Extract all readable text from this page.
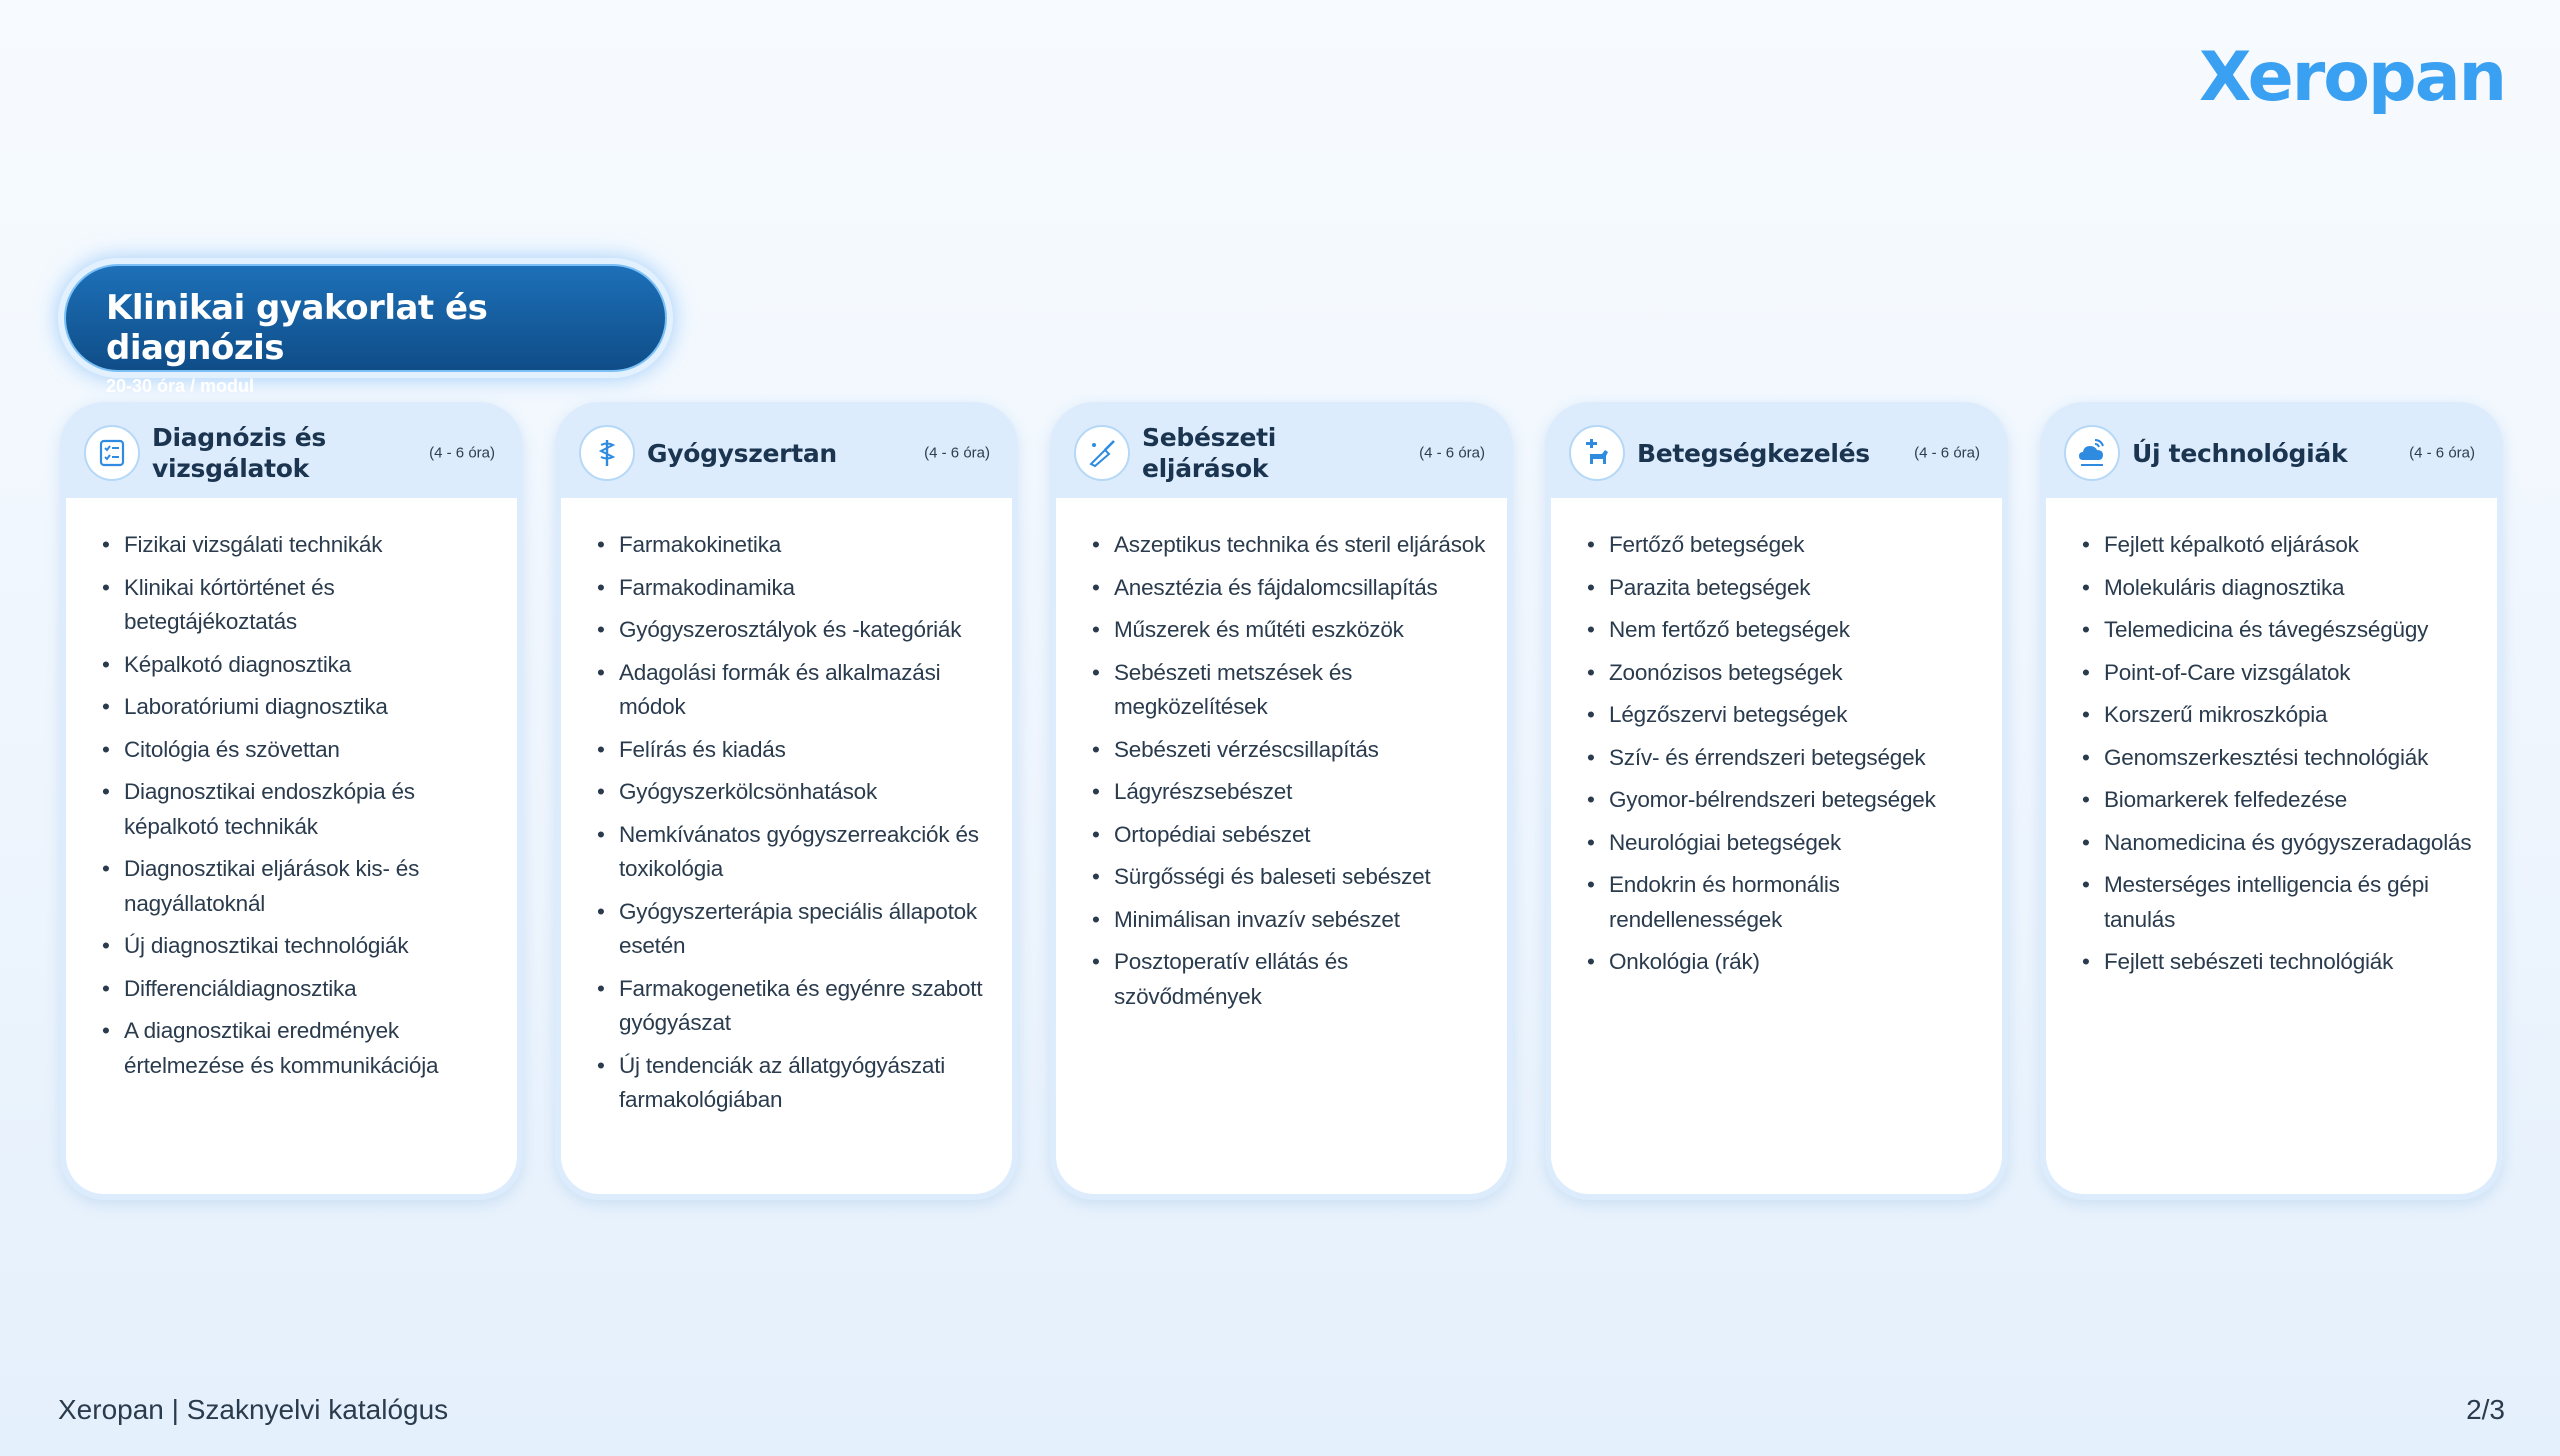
Xeropan
Klinikai gyakorlat és diagnózis
20-30 óra / modul
Diagnózis és vizsgálatok
(4 - 6 óra)
• Fizikai vizsgálati technikák
• Klinikai kórtörténet és betegtájékoztatás
• Képalkotó diagnosztika
• Laboratóriumi diagnosztika
• Citológia és szövettan
• Diagnosztikai endoszkópia és képalkotó technikák
• Diagnosztikai eljárások kis- és nagyállatoknál
• Új diagnosztikai technológiák
• Differenciáldiagnosztika
• A diagnosztikai eredmények értelmezése és kommunikációja
Gyógyszertan	(4 - 6 óra)
• Farmakokinetika
• Farmakodinamika
• Gyógyszerosztályok és -kategóriák
• Adagolási formák és alkalmazási módok
• Felírás és kiadás
• Gyógyszerkölcsönhatások
• Nemkívánatos gyógyszerreakciók és toxikológia
• Gyógyszerterápia speciális állapotok esetén
• Farmakogenetika és egyénre szabott gyógyászat
• Új tendenciák az állatgyógyászati farmakológiában
Sebészeti eljárások
(4 - 6 óra)
• Aszeptikus technika és steril eljárások
• Anesztézia és fájdalomcsillapítás
• Műszerek és műtéti eszközök
• Sebészeti metszések és megközelítések
• Sebészeti vérzéscsillapítás
• Lágyrészsebészet
• Ortopédiai sebészet
• Sürgősségi és baleseti sebészet
• Minimálisan invazív sebészet
• Posztoperatív ellátás és szövődmények
Betegségkezelés	(4 - 6 óra)
• Fertőző betegségek
• Parazita betegségek
• Nem fertőző betegségek
• Zoonózisos betegségek
• Légzőszervi betegségek
• Szív- és érrendszeri betegségek
• Gyomor-bélrendszeri betegségek
• Neurológiai betegségek
• Endokrin és hormonális rendellenességek
• Onkológia (rák)
Új technológiák	(4 - 6 óra)
• Fejlett képalkotó eljárások
• Molekuláris diagnosztika
• Telemedicina és távegészségügy
• Point-of-Care vizsgálatok
• Korszerű mikroszkópia
• Genomszerkesztési technológiák
• Biomarkerek felfedezése
• Nanomedicina és gyógyszeradagolás
• Mesterséges intelligencia és gépi tanulás
• Fejlett sebészeti technológiák
Xeropan | Szaknyelvi katalógus	2/3
